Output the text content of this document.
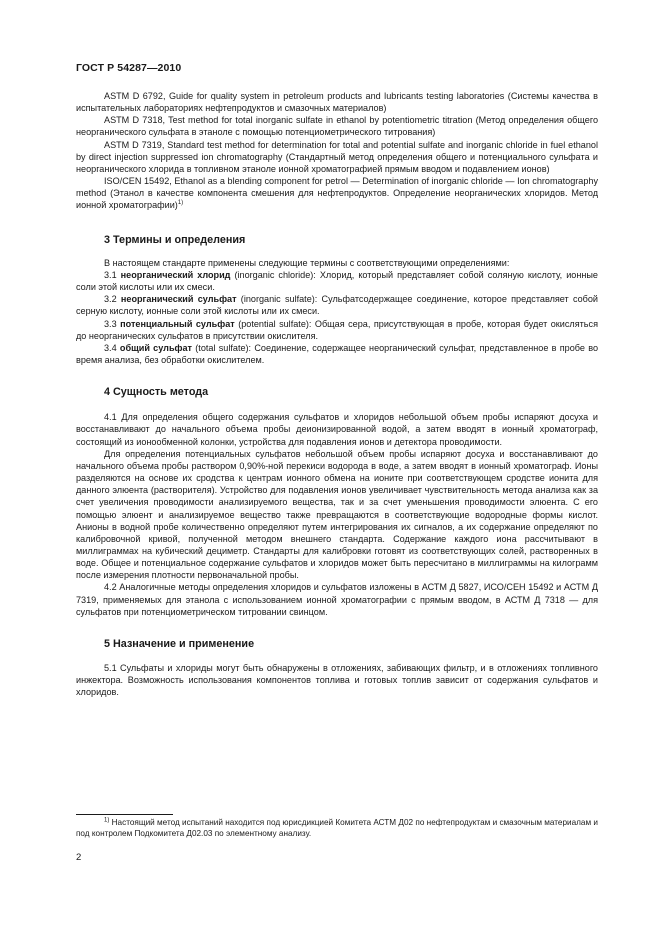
ГОСТ Р 54287—2010

ASTM D 6792, Guide for quality system in petroleum products and lubricants testing laboratories (Системы качества в испытательных лабораториях нефтепродуктов и смазочных материалов)

ASTM D 7318, Test method for total inorganic sulfate in ethanol by potentiometric titration (Метод определения общего неорганического сульфата в этаноле с помощью потенциометрического титрования)

ASTM D 7319, Standard test method for determination for total and potential sulfate and inorganic chloride in fuel ethanol by direct injection suppressed ion chromatography (Стандартный метод определения общего и потенциального сульфата и неорганического хлорида в топливном этаноле ионной хроматографией прямым вводом и подавлением ионов)

ISO/CEN 15492, Ethanol as a blending component for petrol — Determination of inorganic chloride — Ion chromatography method (Этанол в качестве компонента смешения для нефтепродуктов. Определение неорганических хлоридов. Метод ионной хроматографии)$^{1)}$

3 Термины и определения

В настоящем стандарте применены следующие термины с соответствующими определениями:

3.1 неорганический хлорид (inorganic chloride): Хлорид, который представляет собой соляную кислоту, ионные соли этой кислоты или их смеси.

3.2 неорганический сульфат (inorganic sulfate): Сульфатсодержащее соединение, которое представляет собой серную кислоту, ионные соли этой кислоты или их смеси.

3.3 потенциальный сульфат (potential sulfate): Общая сера, присутствующая в пробе, которая будет окисляться до неорганических сульфатов в присутствии окислителя.

3.4 общий сульфат (total sulfate): Соединение, содержащее неорганический сульфат, представленное в пробе во время анализа, без обработки окислителем.

4 Сущность метода

4.1 Для определения общего содержания сульфатов и хлоридов небольшой объем пробы испаряют досуха и восстанавливают до начального объема пробы деионизированной водой, а затем вводят в ионный хроматограф, состоящий из ионообменной колонки, устройства для подавления ионов и детектора проводимости.

Для определения потенциальных сульфатов небольшой объем пробы испаряют досуха и восстанавливают до начального объема пробы раствором 0,90%-ной перекиси водорода в воде, а затем вводят в ионный хроматограф. Ионы разделяются на основе их сродства к центрам ионного обмена на ионите при соответствующем сродстве ионита для данного элюента (растворителя). Устройство для подавления ионов увеличивает чувствительность метода анализа как за счет увеличения проводимости анализируемого вещества, так и за счет уменьшения проводимости элюента. С его помощью элюент и анализируемое вещество также превращаются в соответствующие водородные формы кислот. Анионы в водной пробе количественно определяют путем интегрирования их сигналов, а их содержание определяют по калибровочной кривой, полученной методом внешнего стандарта. Содержание каждого иона рассчитывают в миллиграммах на кубический дециметр. Стандарты для калибровки готовят из соответствующих солей, растворенных в воде. Общее и потенциальное содержание сульфатов и хлоридов может быть пересчитано в миллиграммы на килограмм после измерения плотности первоначальной пробы.

4.2 Аналогичные методы определения хлоридов и сульфатов изложены в АСТМ Д 5827, ИСО/CEH 15492 и АСТМ Д 7319, применяемых для этанола с использованием ионной хроматографии с прямым вводом, в АСТМ Д 7318 — для сульфатов при потенциометрическом титровании свинцом.

5 Назначение и применение

5.1 Сульфаты и хлориды могут быть обнаружены в отложениях, забивающих фильтр, и в отложениях топливного инжектора. Возможность использования компонентов топлива и готовых топлив зависит от содержания сульфатов и хлоридов.

$^{1)}$ Настоящий метод испытаний находится под юрисдикцией Комитета АСТМ Д02 по нефтепродуктам и смазочным материалам и под контролем Подкомитета Д02.03 по элементному анализу.

2
